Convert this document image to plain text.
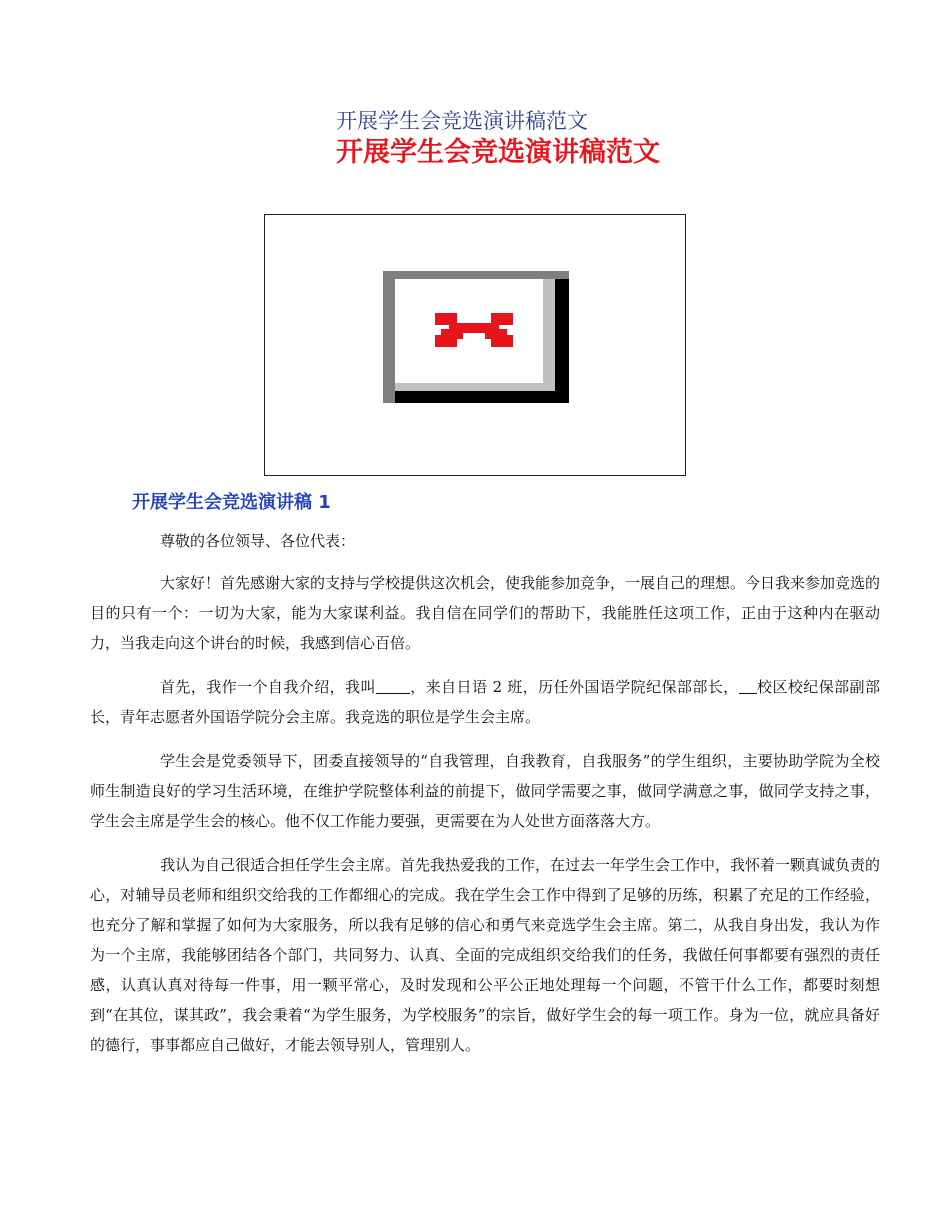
开展学生会竞选演讲稿范文
开展学生会竞选演讲稿范文
开展学生会竞选演讲稿 1

尊敬的各位领导、各位代表：

大家好！首先感谢大家的支持与学校提供这次机会，使我能参加竞争，一展自己的理想。今日我来参加竞选的目的只有一个：一切为大家，能为大家谋利益。我自信在同学们的帮助下，我能胜任这项工作，正由于这种内在驱动力，当我走向这个讲台的时候，我感到信心百倍。

首先，我作一个自我介绍，我叫 ，来自日语 2 班，历任外国语学院纪保部部长， 校区校纪保部副部长，青年志愿者外国语学院分会主席。我竞选的职位是学生会主席。

学生会是党委领导下，团委直接领导的“自我管理，自我教育，自我服务”的学生组织，主要协助学院为全校师生制造良好的学习生活环境，在维护学院整体利益的前提下，做同学需要之事，做同学满意之事，做同学支持之事，学生会主席是学生会的核心。他不仅工作能力要强，更需要在为人处世方面落落大方。

我认为自己很适合担任学生会主席。首先我热爱我的工作，在过去一年学生会工作中，我怀着一颗真诚负责的心，对辅导员老师和组织交给我的工作都细心的完成。我在学生会工作中得到了足够的历练，积累了充足的工作经验，也充分了解和掌握了如何为大家服务，所以我有足够的信心和勇气来竞选学生会主席。第二，从我自身出发，我认为作为一个主席，我能够团结各个部门，共同努力、认真、全面的完成组织交给我们的任务，我做任何事都要有强烈的责任感，认真认真对待每一件事，用一颗平常心，及时发现和公平公正地处理每一个问题，不管干什么工作，都要时刻想到“在其位，谋其政”，我会秉着“为学生服务，为学校服务”的宗旨，做好学生会的每一项工作。身为一位，就应具备好的德行，事事都应自己做好，才能去领导别人，管理别人。
